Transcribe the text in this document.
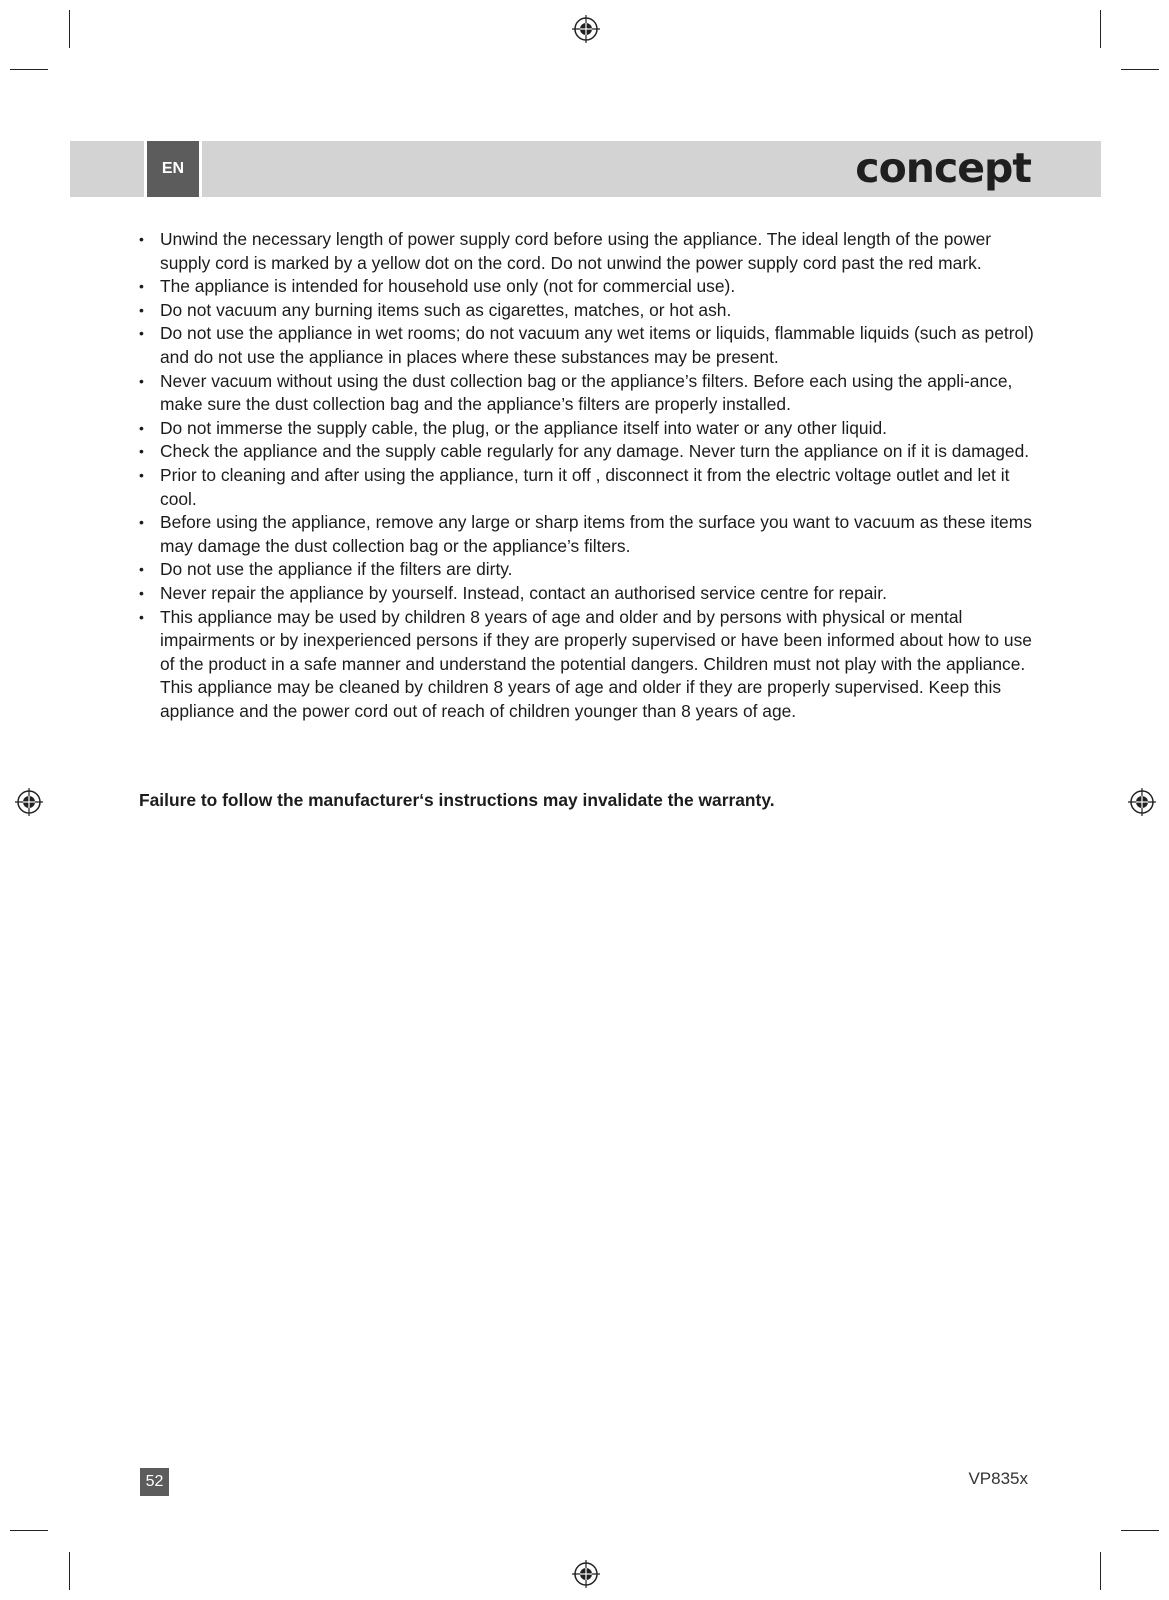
EN	concept
• Unwind the necessary length of power supply cord before using the appliance. The ideal length of the power supply cord is marked by a yellow dot on the cord. Do not unwind the power supply cord past the red mark.
• The appliance is intended for household use only (not for commercial use).
• Do not vacuum any burning items such as cigarettes, matches, or hot ash.
• Do not use the appliance in wet rooms; do not vacuum any wet items or liquids, flammable liquids (such as petrol) and do not use the appliance in places where these substances may be present.
• Never vacuum without using the dust collection bag or the appliance’s filters. Before each using the appli-ance, make sure the dust collection bag and the appliance’s filters are properly installed.
• Do not immerse the supply cable, the plug, or the appliance itself into water or any other liquid.
• Check the appliance and the supply cable regularly for any damage. Never turn the appliance on if it is damaged.
• Prior to cleaning and after using the appliance, turn it off , disconnect it from the electric voltage outlet and let it cool.
• Before using the appliance, remove any large or sharp items from the surface you want to vacuum as these items may damage the dust collection bag or the appliance’s filters.
• Do not use the appliance if the filters are dirty.
• Never repair the appliance by yourself. Instead, contact an authorised service centre for repair.
• This appliance may be used by children 8 years of age and older and by persons with physical or mental impairments or by inexperienced persons if they are properly supervised or have been informed about how to use of the product in a safe manner and understand the potential dangers. Children must not play with the appliance. This appliance may be cleaned by children 8 years of age and older if they are properly supervised. Keep this appliance and the power cord out of reach of children younger than 8 years of age.
Failure to follow the manufacturer‘s instructions may invalidate the warranty.
52	VP835x
